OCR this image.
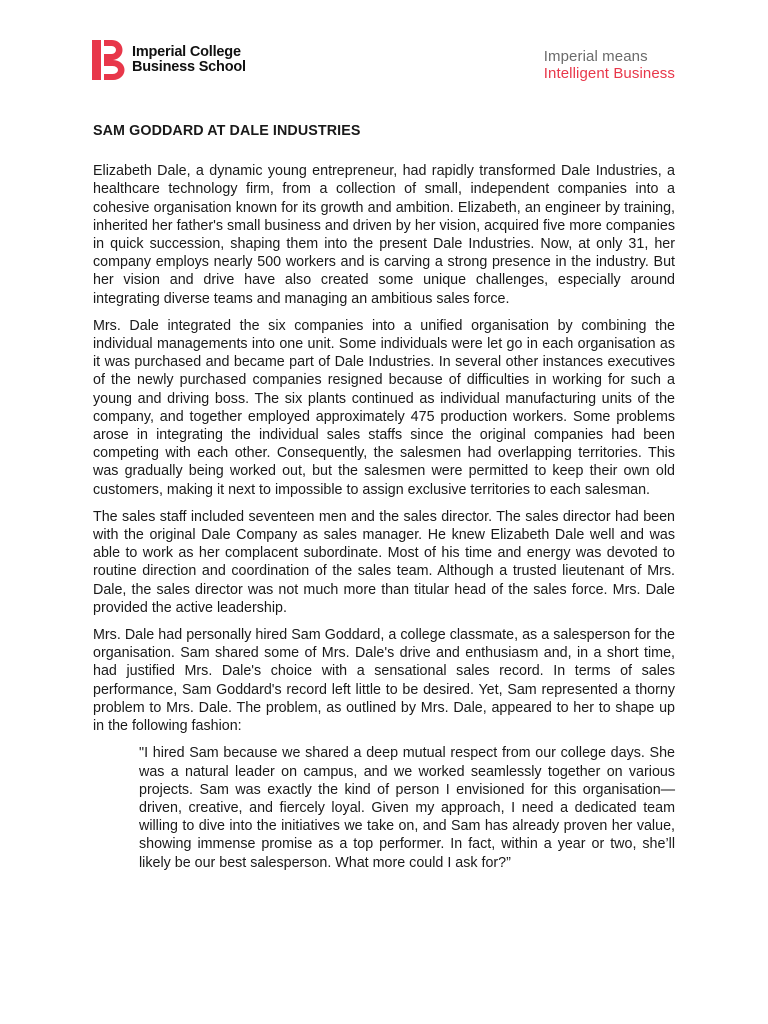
Imperial College
Business School
Imperial means
Intelligent Business
SAM GODDARD AT DALE INDUSTRIES

Elizabeth Dale, a dynamic young entrepreneur, had rapidly transformed Dale Industries, a healthcare technology firm, from a collection of small, independent companies into a cohesive organisation known for its growth and ambition. Elizabeth, an engineer by training, inherited her father's small business and driven by her vision, acquired five more companies in quick succession, shaping them into the present Dale Industries. Now, at only 31, her company employs nearly 500 workers and is carving a strong presence in the industry. But her vision and drive have also created some unique challenges, especially around integrating diverse teams and managing an ambitious sales force.

Mrs. Dale integrated the six companies into a unified organisation by combining the individual managements into one unit. Some individuals were let go in each organisation as it was purchased and became part of Dale Industries. In several other instances executives of the newly purchased companies resigned because of difficulties in working for such a young and driving boss. The six plants continued as individual manufacturing units of the company, and together employed approximately 475 production workers. Some problems arose in integrating the individual sales staffs since the original companies had been competing with each other. Consequently, the salesmen had overlapping territories. This was gradually being worked out, but the salesmen were permitted to keep their own old customers, making it next to impossible to assign exclusive territories to each salesman.

The sales staff included seventeen men and the sales director. The sales director had been with the original Dale Company as sales manager. He knew Elizabeth Dale well and was able to work as her complacent subordinate. Most of his time and energy was devoted to routine direction and coordination of the sales team. Although a trusted lieutenant of Mrs. Dale, the sales director was not much more than titular head of the sales force. Mrs. Dale provided the active leadership.

Mrs. Dale had personally hired Sam Goddard, a college classmate, as a salesperson for the organisation. Sam shared some of Mrs. Dale's drive and enthusiasm and, in a short time, had justified Mrs. Dale's choice with a sensational sales record. In terms of sales performance, Sam Goddard's record left little to be desired. Yet, Sam represented a thorny problem to Mrs. Dale. The problem, as outlined by Mrs. Dale, appeared to her to shape up in the following fashion:

"I hired Sam because we shared a deep mutual respect from our college days. She was a natural leader on campus, and we worked seamlessly together on various projects. Sam was exactly the kind of person I envisioned for this organisation—driven, creative, and fiercely loyal. Given my approach, I need a dedicated team willing to dive into the initiatives we take on, and Sam has already proven her value, showing immense promise as a top performer. In fact, within a year or two, she’ll likely be our best salesperson. What more could I ask for?”
